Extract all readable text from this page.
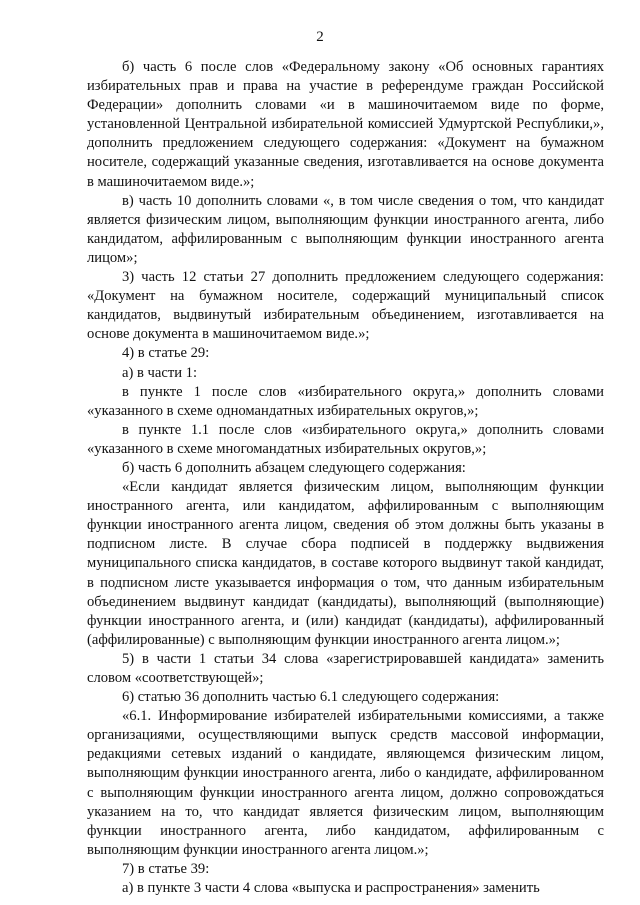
2

б) часть 6 после слов «Федеральному закону «Об основных гарантиях избирательных прав и права на участие в референдуме граждан Российской Федерации» дополнить словами «и в машиночитаемом виде по форме, установленной Центральной избирательной комиссией Удмуртской Республики,», дополнить предложением следующего содержания: «Документ на бумажном носителе, содержащий указанные сведения, изготавливается на основе документа в машиночитаемом виде.»;

в) часть 10 дополнить словами «, в том числе сведения о том, что кандидат является физическим лицом, выполняющим функции иностранного агента, либо кандидатом, аффилированным с выполняющим функции иностранного агента лицом»;

3) часть 12 статьи 27 дополнить предложением следующего содержания: «Документ на бумажном носителе, содержащий муниципальный список кандидатов, выдвинутый избирательным объединением, изготавливается на основе документа в машиночитаемом виде.»;

4) в статье 29:

а) в части 1:

в пункте 1 после слов «избирательного округа,» дополнить словами «указанного в схеме одномандатных избирательных округов,»;

в пункте 1.1 после слов «избирательного округа,» дополнить словами «указанного в схеме многомандатных избирательных округов,»;

б) часть 6 дополнить абзацем следующего содержания:

«Если кандидат является физическим лицом, выполняющим функции иностранного агента, или кандидатом, аффилированным с выполняющим функции иностранного агента лицом, сведения об этом должны быть указаны в подписном листе. В случае сбора подписей в поддержку выдвижения муниципального списка кандидатов, в составе которого выдвинут такой кандидат, в подписном листе указывается информация о том, что данным избирательным объединением выдвинут кандидат (кандидаты), выполняющий (выполняющие) функции иностранного агента, и (или) кандидат (кандидаты), аффилированный (аффилированные) с выполняющим функции иностранного агента лицом.»;

5) в части 1 статьи 34 слова «зарегистрировавшей кандидата» заменить словом «соответствующей»;

6) статью 36 дополнить частью 6.1 следующего содержания:

«6.1. Информирование избирателей избирательными комиссиями, а также организациями, осуществляющими выпуск средств массовой информации, редакциями сетевых изданий о кандидате, являющемся физическим лицом, выполняющим функции иностранного агента, либо о кандидате, аффилированном с выполняющим функции иностранного агента лицом, должно сопровождаться указанием на то, что кандидат является физическим лицом, выполняющим функции иностранного агента, либо кандидатом, аффилированным с выполняющим функции иностранного агента лицом.»;

7) в статье 39:

а) в пункте 3 части 4 слова «выпуска и распространения» заменить
